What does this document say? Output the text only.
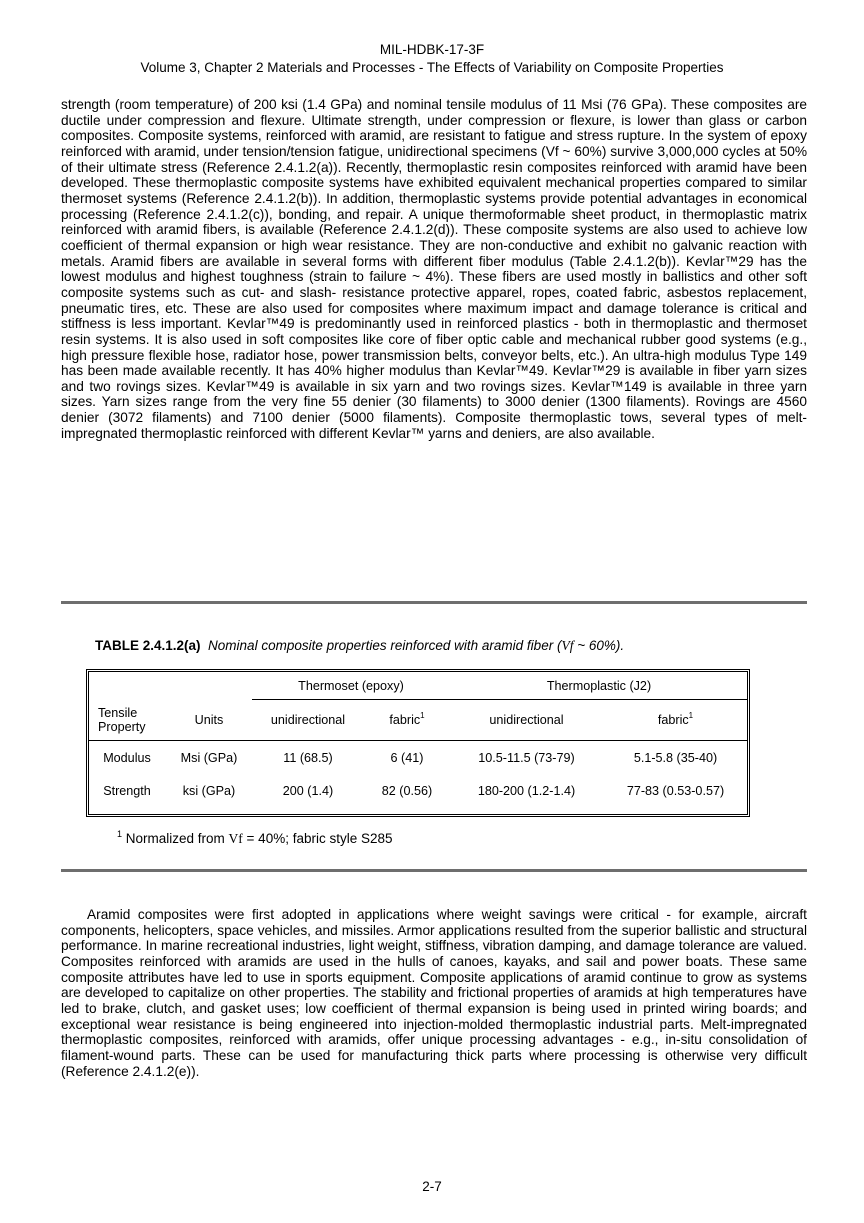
MIL-HDBK-17-3F
Volume 3, Chapter 2 Materials and Processes - The Effects of Variability on Composite Properties

strength (room temperature) of 200 ksi (1.4 GPa) and nominal tensile modulus of 11 Msi (76 GPa). These composites are ductile under compression and flexure. Ultimate strength, under compression or flexure, is lower than glass or carbon composites. Composite systems, reinforced with aramid, are resistant to fatigue and stress rupture. In the system of epoxy reinforced with aramid, under tension/tension fatigue, unidirectional specimens (Vf ~ 60%) survive 3,000,000 cycles at 50% of their ultimate stress (Reference 2.4.1.2(a)). Recently, thermoplastic resin composites reinforced with aramid have been developed. These thermoplastic composite systems have exhibited equivalent mechanical properties compared to similar thermoset systems (Reference 2.4.1.2(b)). In addition, thermoplastic systems provide potential advantages in economical processing (Reference 2.4.1.2(c)), bonding, and repair. A unique thermoformable sheet product, in thermoplastic matrix reinforced with aramid fibers, is available (Reference 2.4.1.2(d)). These composite systems are also used to achieve low coefficient of thermal expansion or high wear resistance. They are non-conductive and exhibit no galvanic reaction with metals. Aramid fibers are available in several forms with different fiber modulus (Table 2.4.1.2(b)). Kevlar™29 has the lowest modulus and highest toughness (strain to failure ~ 4%). These fibers are used mostly in ballistics and other soft composite systems such as cut- and slash- resistance protective apparel, ropes, coated fabric, asbestos replacement, pneumatic tires, etc. These are also used for composites where maximum impact and damage tolerance is critical and stiffness is less important. Kevlar™49 is predominantly used in reinforced plastics - both in thermoplastic and thermoset resin systems. It is also used in soft composites like core of fiber optic cable and mechanical rubber good systems (e.g., high pressure flexible hose, radiator hose, power transmission belts, conveyor belts, etc.). An ultra-high modulus Type 149 has been made available recently. It has 40% higher modulus than Kevlar™49. Kevlar™29 is available in fiber yarn sizes and two rovings sizes. Kevlar™49 is available in six yarn and two rovings sizes. Kevlar™149 is available in three yarn sizes. Yarn sizes range from the very fine 55 denier (30 filaments) to 3000 denier (1300 filaments). Rovings are 4560 denier (3072 filaments) and 7100 denier (5000 filaments). Composite thermoplastic tows, several types of melt-impregnated thermoplastic reinforced with different Kevlar™ yarns and deniers, are also available.

TABLE 2.4.1.2(a) Nominal composite properties reinforced with aramid fiber (Vf ~ 60%).
		Thermoset (epoxy)		Thermoplastic (J2)	
Tensile Property	Units	unidirectional	fabric$^1$	unidirectional	fabric$^1$
Modulus	Msi (GPa)	11 (68.5)	6 (41)	10.5-11.5 (73-79)	5.1-5.8 (35-40)
Strength	ksi (GPa)	200 (1.4)	82 (0.56)	180-200 (1.2-1.4)	77-83 (0.53-0.57)
$^1$ Normalized from Vf = 40%; fabric style S285

Aramid composites were first adopted in applications where weight savings were critical - for example, aircraft components, helicopters, space vehicles, and missiles. Armor applications resulted from the superior ballistic and structural performance. In marine recreational industries, light weight, stiffness, vibration damping, and damage tolerance are valued. Composites reinforced with aramids are used in the hulls of canoes, kayaks, and sail and power boats. These same composite attributes have led to use in sports equipment. Composite applications of aramid continue to grow as systems are developed to capitalize on other properties. The stability and frictional properties of aramids at high temperatures have led to brake, clutch, and gasket uses; low coefficient of thermal expansion is being used in printed wiring boards; and exceptional wear resistance is being engineered into injection-molded thermoplastic industrial parts. Melt-impregnated thermoplastic composites, reinforced with aramids, offer unique processing advantages - e.g., in-situ consolidation of filament-wound parts. These can be used for manufacturing thick parts where processing is otherwise very difficult (Reference 2.4.1.2(e)).

2-7
